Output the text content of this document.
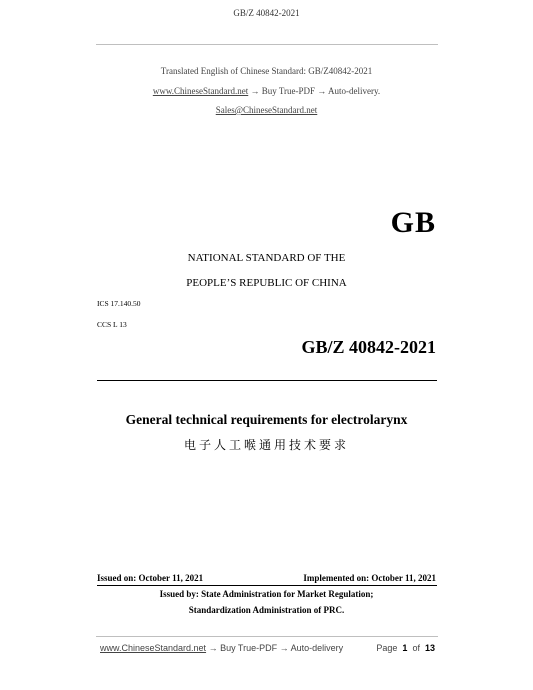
GB/Z 40842-2021
Translated English of Chinese Standard: GB/Z40842-2021
www.ChineseStandard.net → Buy True-PDF → Auto-delivery.
Sales@ChineseStandard.net
GB
NATIONAL STANDARD OF THE
PEOPLE’S REPUBLIC OF CHINA
ICS 17.140.50
CCS L 13
GB/Z 40842-2021
General technical requirements for electrolarynx
电子人工喉通用技术要求
Issued on: October 11, 2021	Implemented on: October 11, 2021
Issued by: State Administration for Market Regulation;
Standardization Administration of PRC.
www.ChineseStandard.net → Buy True-PDF → Auto-delivery	Page 1 of 13
